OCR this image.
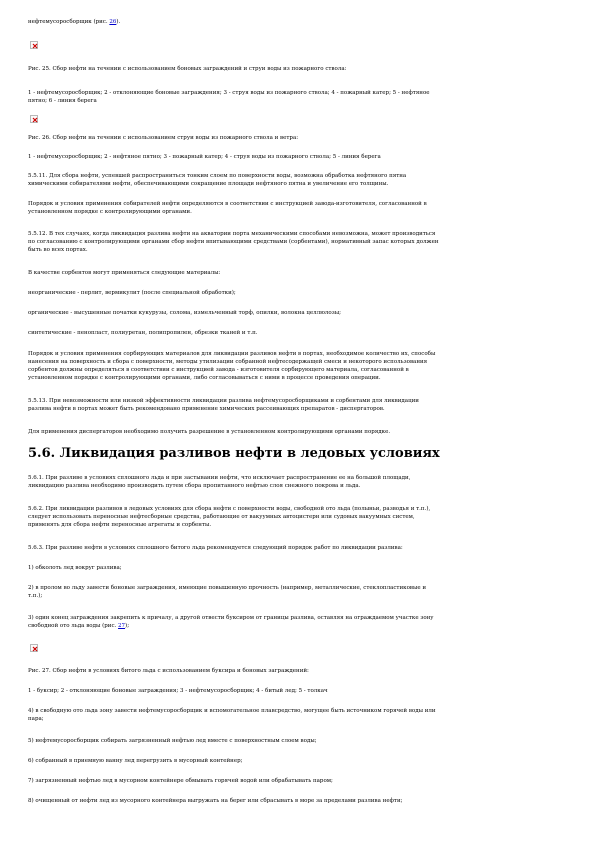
нефтемусоросборщик (рис. 26).
Рис. 25. Сбор нефти на течении с использованием боновых заграждений и струи воды из пожарного ствола:
1 - нефтемусоросборщик; 2 - отклоняющие боновые заграждения; 3 - струя воды из пожарного ствола; 4 - пожарный катер; 5 - нефтяное
пятно; 6 - линия берега
Рис. 26. Сбор нефти на течении с использованием струи воды из пожарного ствола и ветра:
1 - нефтемусоросборщик; 2 - нефтяное пятно; 3 - пожарный катер; 4 - струя воды из пожарного ствола; 5 - линия берега
5.5.11. Для сбора нефти, успевшей распространиться тонким слоем по поверхности воды, возможна обработка нефтяного пятна
химическими собирателями нефти, обеспечивающими сокращение площади нефтяного пятна и увеличение его толщины.
Порядок и условия применения собирателей нефти определяются в соответствии с инструкцией завода-изготовителя, согласованной в
установленном порядке с контролирующими органами.
5.5.12. В тех случаях, когда ликвидация разлива нефти на акватории порта механическими способами невозможна, может производиться
по согласованию с контролирующими органами сбор нефти впитывающими средствами (сорбентами), нормативный запас которых должен
быть во всех портах.
В качестве сорбентов могут применяться следующие материалы:
неорганические - перлит, вермикулит (после специальной обработки);
органические - высушенные початки кукурузы, солома, измельченный торф, опилки, волокна целлюлозы;
синтетические - пенопласт, полиуретан, полипропилен, обрезки тканей и т.п.
Порядок и условия применения сорбирующих материалов для ликвидации разливов нефти в портах, необходимое количество их, способы
нанесения на поверхность и сбора с поверхности, методы утилизации собранной нефтесодержащей смеси и некоторого использования
сорбентов должны определяться в соответствии с инструкцией завода - изготовителя сорбирующего материала, согласованной в
установленном порядке с контролирующими органами, либо согласовываться с ними в процессе проведения операции.
5.5.13. При невозможности или низкой эффективности ликвидации разлива нефтемусоросборщиками и сорбентами для ликвидации
разлива нефти в портах может быть рекомендовано применение химических рассеивающих препаратов - диспергаторов.
Для применения диспергаторов необходимо получить разрешение в установленном контролирующими органами порядке.
5.6. Ликвидация разливов нефти в ледовых условиях
5.6.1. При разливе в условиях сплошного льда и при застывании нефти, что исключает распространение ее на большой площади,
ликвидацию разлива необходимо производить путем сбора пропитанного нефтью слоя снежного покрова и льда.
5.6.2. При ликвидации разливов в ледовых условиях для сбора нефти с поверхности воды, свободной ото льда (полыньи, разводья и т.п.),
следует использовать переносные нефтесборные средства, работающие от вакуумных автоцистерн или судовых вакуумных систем,
применять для сбора нефти переносные агрегаты и сорбенты.
5.6.3. При разливе нефти в условиях сплошного битого льда рекомендуется следующий порядок работ по ликвидации разлива:
1) обколоть лед вокруг разлива;
2) в пролом во льду завести боновые заграждения, имеющие повышенную прочность (например, металлические, стеклопластиковые и
т.п.);
3) один конец заграждения закрепить к причалу, а другой отвести буксиром от границы разлива, оставляя на ограждаемом участке зону
свободной ото льда воды (рис. 27);
Рис. 27. Сбор нефти в условиях битого льда с использованием буксира и боновых заграждений:
1 - буксир; 2 - отклоняющие боновые заграждения; 3 - нефтемусоросборщик; 4 - битый лед; 5 - толкач
4) в свободную ото льда зону завести нефтемусоросборщик и вспомогательное плавсредство, могущее быть источником горячей воды или
пара;
5) нефтемусоросборщик собирать загрязненный нефтью лед вместе с поверхностным слоем воды;
6) собранный в приемную ванну лед перегрузить в мусорный контейнер;
7) загрязненный нефтью лед в мусорном контейнере обмывать горячей водой или обрабатывать паром;
8) очищенный от нефти лед из мусорного контейнера выгружать на берег или сбрасывать в море за пределами разлива нефти;
